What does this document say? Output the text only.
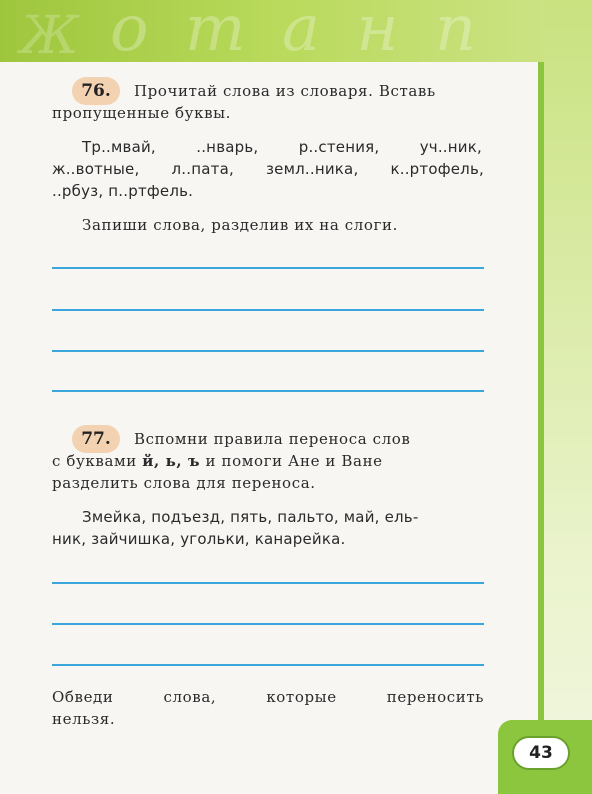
Ж о т а н п
43
76.	Прочитай слова из словаря. Вставь
пропущенные буквы.
Тр..мвай,	..нварь,	р..стения,	уч..ник,
ж..вотные, л..пата, земл..ника, к..ртофель,
..рбуз, п..ртфель.
Запиши слова, разделив их на слоги.
77.	Вспомни правила переноса слов
с буквами й, ь, ъ и помоги Ане и Ване
разделить слова для переноса.
Змейка, подъезд, пять, пальто, май, ель-
ник, зайчишка, угольки, канарейка.
Обведи слова, которые переносить
нельзя.
